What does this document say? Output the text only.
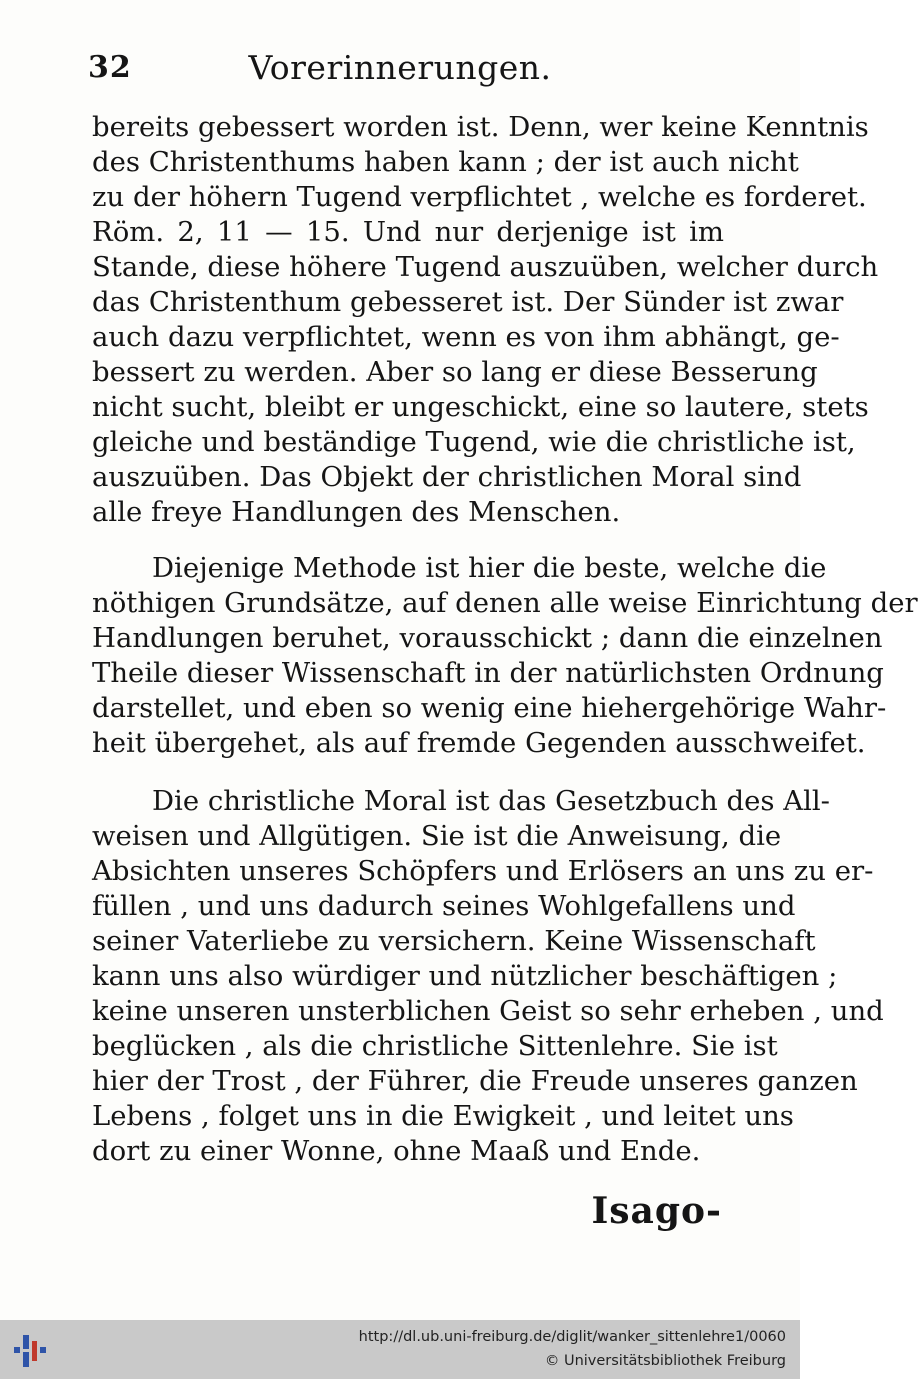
32	Vorerinnerungen.
bereits gebessert worden ist. Denn, wer keine Kenntnis
des Christenthums haben kann ; der ist auch nicht
zu der höhern Tugend verpflichtet , welche es forderet.
Röm. 2, 11 — 15. Und nur derjenige ist im
Stande, diese höhere Tugend auszuüben, welcher durch
das Christenthum gebesseret ist. Der Sünder ist zwar
auch dazu verpflichtet, wenn es von ihm abhängt, ge-
bessert zu werden. Aber so lang er diese Besserung
nicht sucht, bleibt er ungeschickt, eine so lautere, stets
gleiche und beständige Tugend, wie die christliche ist,
auszuüben. Das Objekt der christlichen Moral sind
alle freye Handlungen des Menschen.
Diejenige Methode ist hier die beste, welche die
nöthigen Grundsätze, auf denen alle weise Einrichtung der
Handlungen beruhet, vorausschickt ; dann die einzelnen
Theile dieser Wissenschaft in der natürlichsten Ordnung
darstellet, und eben so wenig eine hiehergehörige Wahr-
heit übergehet, als auf fremde Gegenden ausschweifet.
Die christliche Moral ist das Gesetzbuch des All-
weisen und Allgütigen. Sie ist die Anweisung, die
Absichten unseres Schöpfers und Erlösers an uns zu er-
füllen , und uns dadurch seines Wohlgefallens und
seiner Vaterliebe zu versichern. Keine Wissenschaft
kann uns also würdiger und nützlicher beschäftigen ;
keine unseren unsterblichen Geist so sehr erheben , und
beglücken , als die christliche Sittenlehre. Sie ist
hier der Trost , der Führer, die Freude unseres ganzen
Lebens , folget uns in die Ewigkeit , und leitet uns
dort zu einer Wonne, ohne Maaß und Ende.
Isago-
http://dl.ub.uni-freiburg.de/diglit/wanker_sittenlehre1/0060
© Universitätsbibliothek Freiburg
